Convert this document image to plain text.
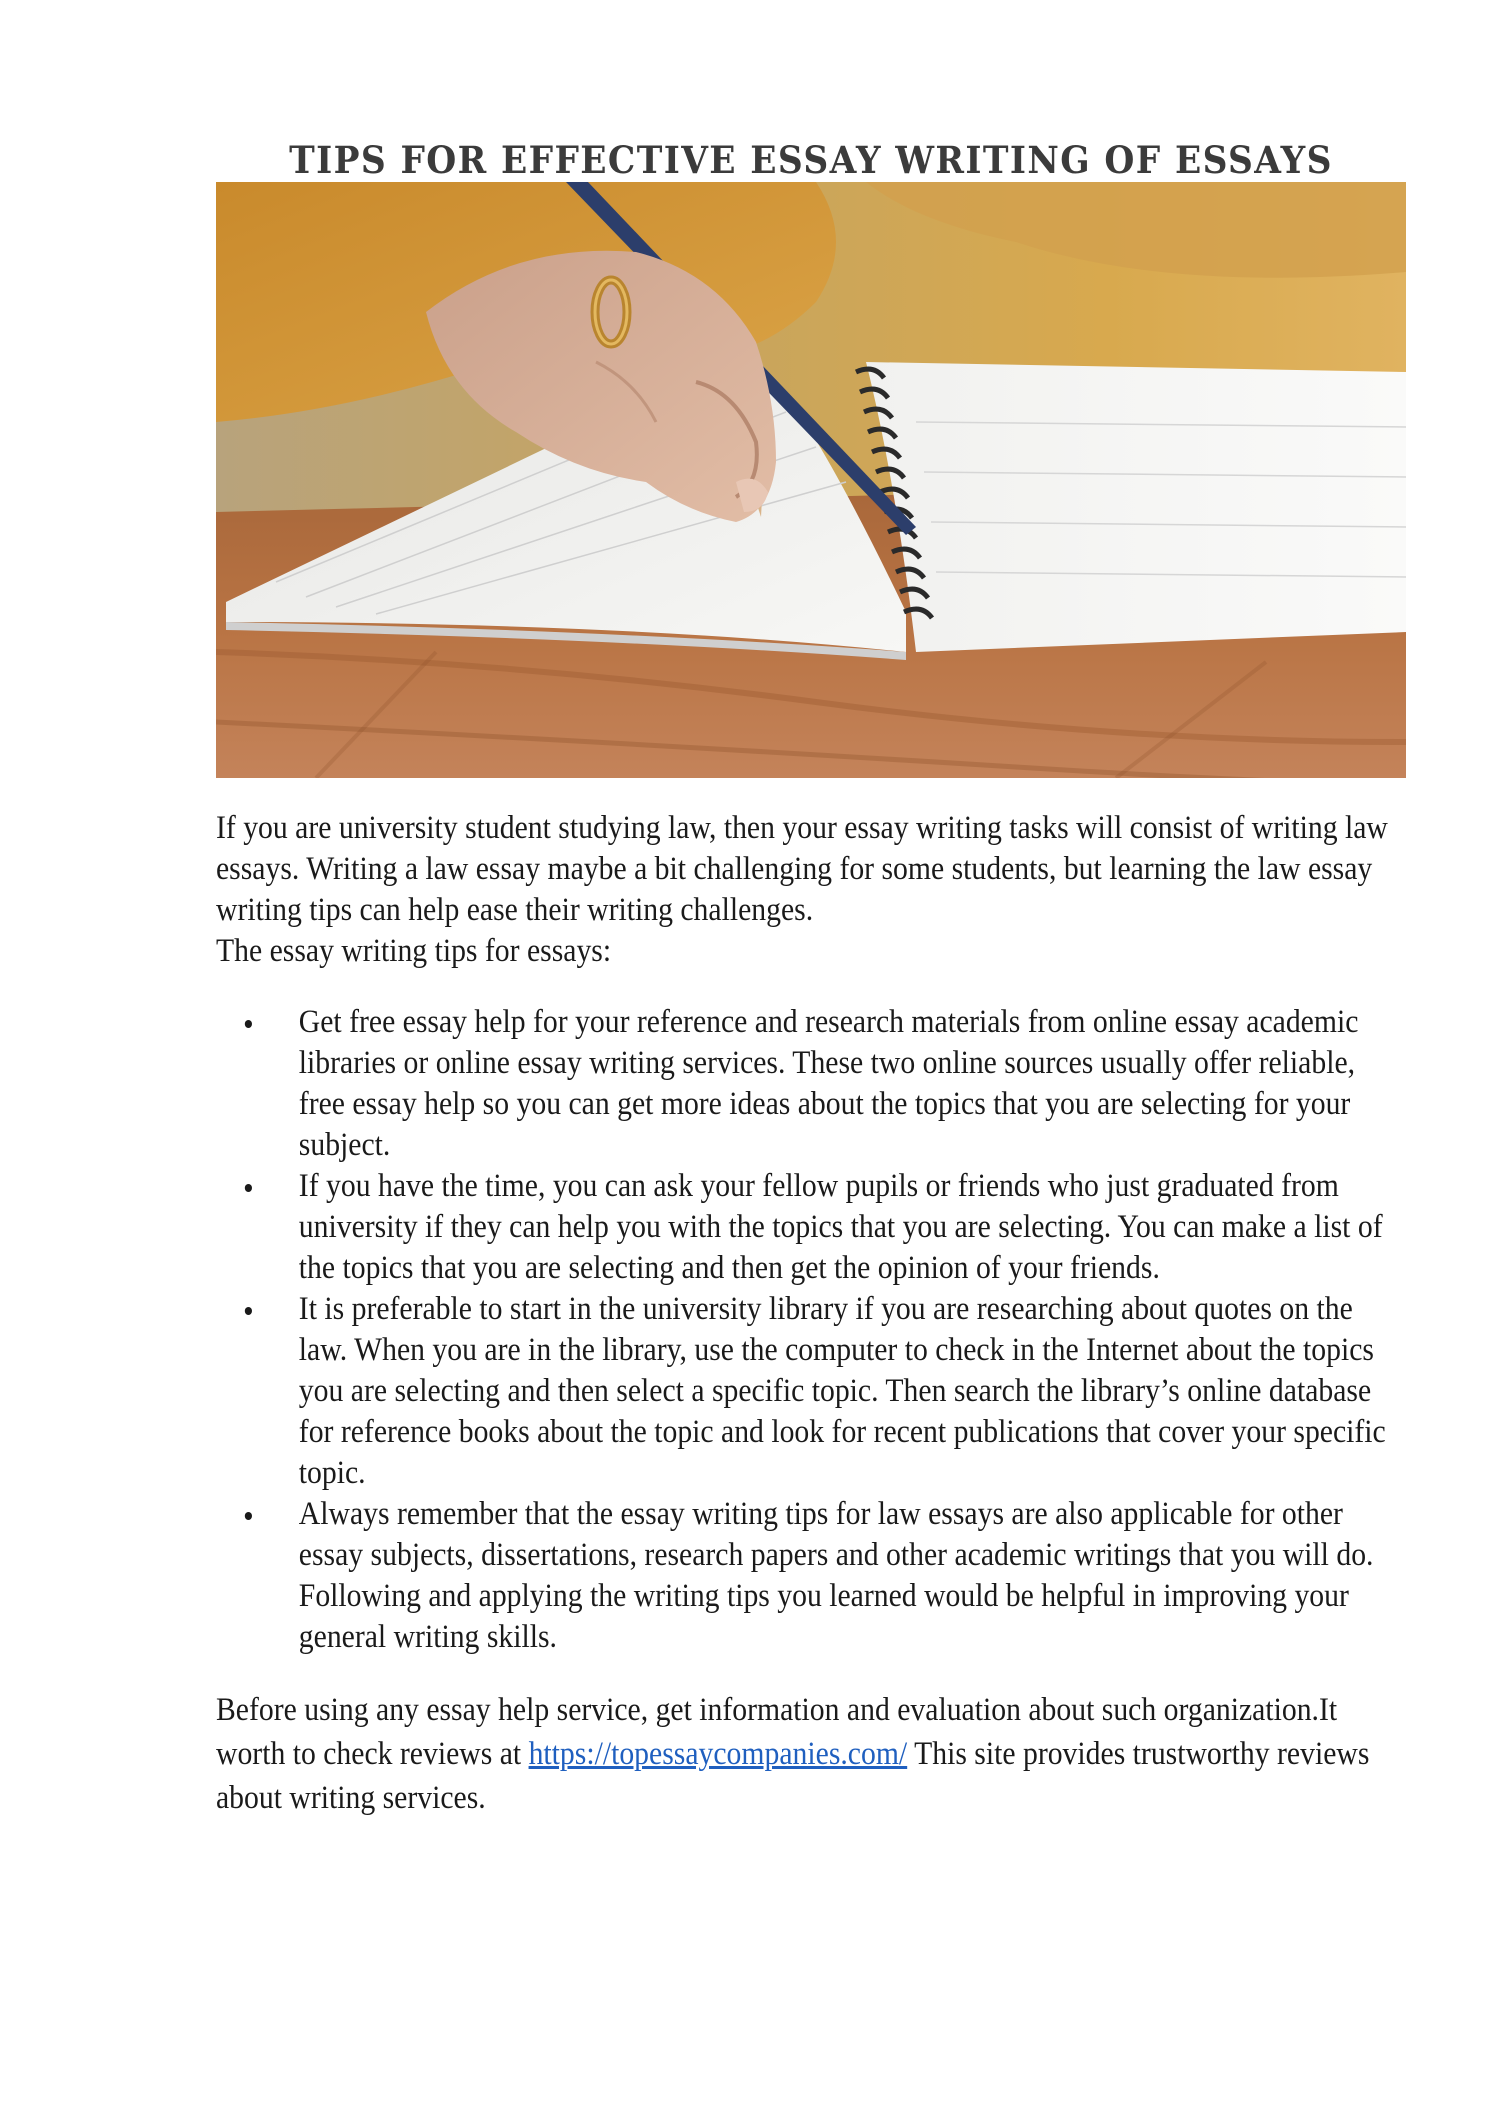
TIPS FOR EFFECTIVE ESSAY WRITING OF ESSAYS

If you are university student studying law, then your essay writing tasks will consist of writing law essays. Writing a law essay maybe a bit challenging for some students, but learning the law essay writing tips can help ease their writing challenges.

The essay writing tips for essays:

Get free essay help for your reference and research materials from online essay academic libraries or online essay writing services. These two online sources usually offer reliable, free essay help so you can get more ideas about the topics that you are selecting for your subject.
If you have the time, you can ask your fellow pupils or friends who just graduated from university if they can help you with the topics that you are selecting. You can make a list of the topics that you are selecting and then get the opinion of your friends.
It is preferable to start in the university library if you are researching about quotes on the law. When you are in the library, use the computer to check in the Internet about the topics you are selecting and then select a specific topic. Then search the library’s online database for reference books about the topic and look for recent publications that cover your specific topic.
Always remember that the essay writing tips for law essays are also applicable for other essay subjects, dissertations, research papers and other academic writings that you will do. Following and applying the writing tips you learned would be helpful in improving your general writing skills.

Before using any essay help service, get information and evaluation about such organization.It worth to check reviews at https://topessaycompanies.com/ This site provides trustworthy reviews about writing services.
